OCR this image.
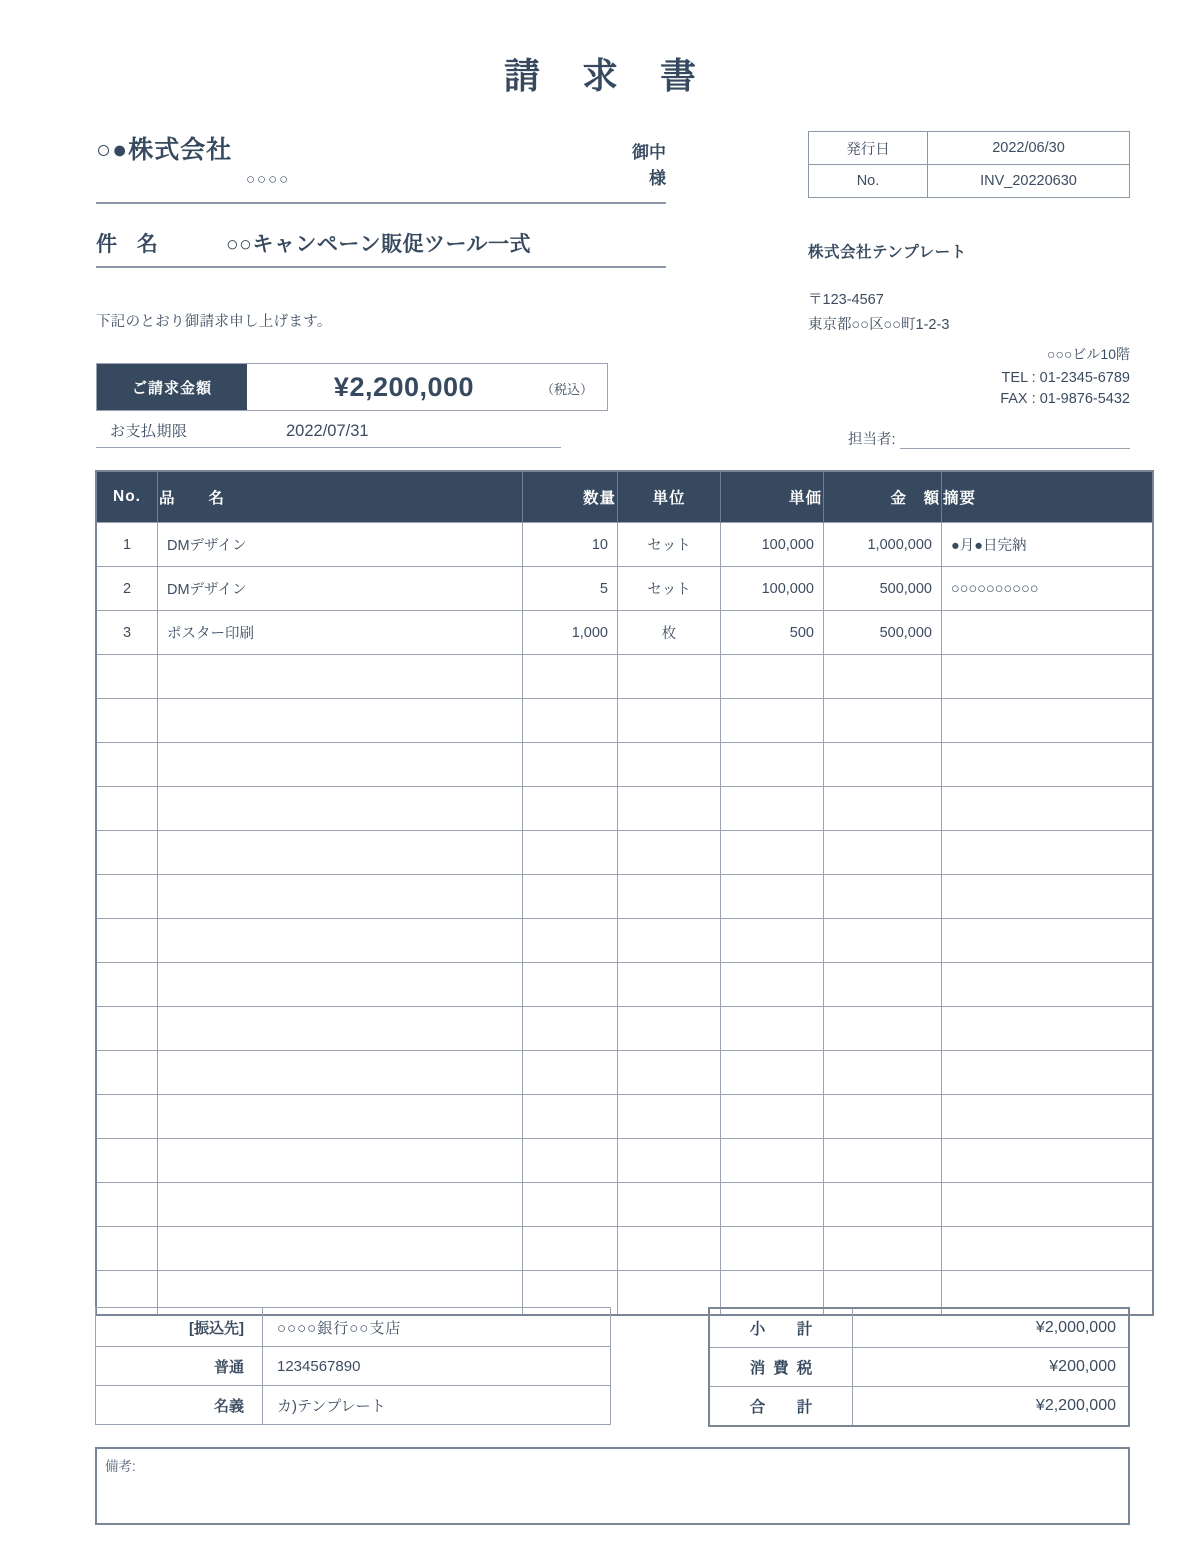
請 求 書
○●株式会社	御中
○○○○	様
件 名	○○キャンペーン販促ツール一式
下記のとおり御請求申し上げます。
ご請求金額	¥2,200,000	（税込）
お支払期限	2022/07/31
発行日	2022/06/30
No.	INV_20220630
株式会社テンプレート
〒123-4567
東京都○○区○○町1-2-3
○○○ビル10階
TEL : 01-2345-6789
FAX : 01-9876-5432
担当者:
No.	品　　名	数量	単位	単価	金　額	摘要
1	DMデザイン	10	セット	100,000	1,000,000	●月●日完納
2	DMデザイン	5	セット	100,000	500,000	○○○○○○○○○○
3	ポスター印刷	1,000	枚	500	500,000	

[振込先]	○○○○銀行○○支店
普通	1234567890
名義	カ)テンプレート
小　計	¥2,000,000
消費税	¥200,000
合　計	¥2,200,000
備考:
